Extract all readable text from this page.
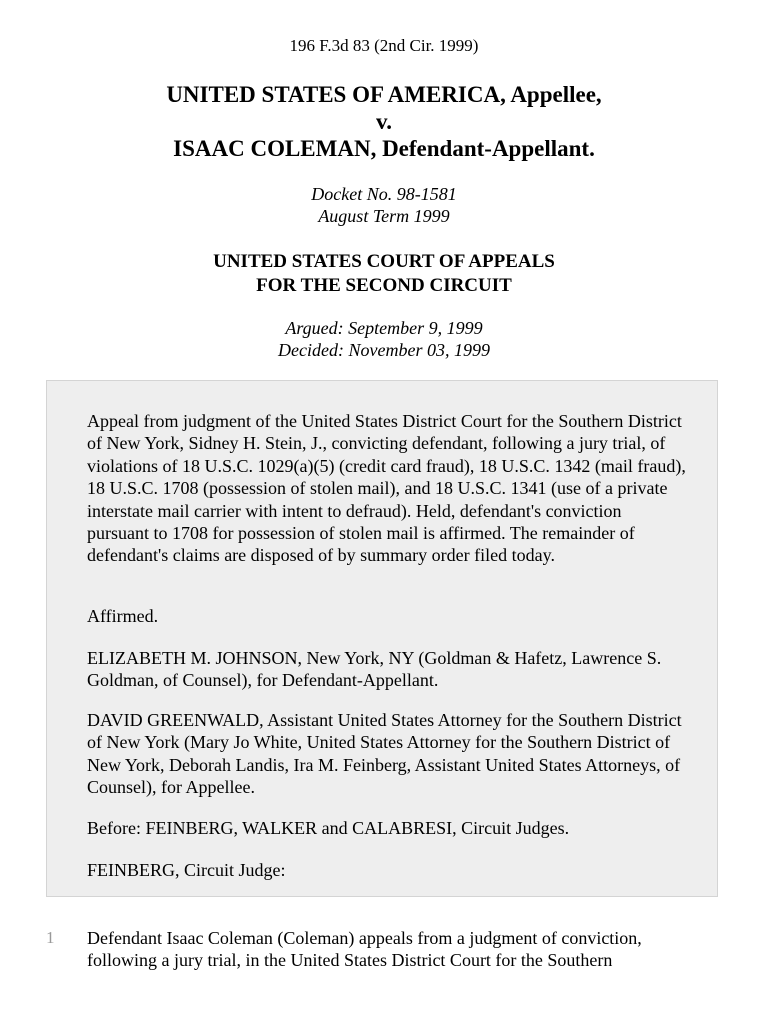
196 F.3d 83 (2nd Cir. 1999)
UNITED STATES OF AMERICA, Appellee,
v.
ISAAC COLEMAN, Defendant-Appellant.
Docket No. 98-1581
August Term 1999
UNITED STATES COURT OF APPEALS
FOR THE SECOND CIRCUIT
Argued: September 9, 1999
Decided: November 03, 1999

Appeal from judgment of the United States District Court for the Southern District of New York, Sidney H. Stein, J., convicting defendant, following a jury trial, of violations of 18 U.S.C. 1029(a)(5) (credit card fraud), 18 U.S.C. 1342 (mail fraud), 18 U.S.C. 1708 (possession of stolen mail), and 18 U.S.C. 1341 (use of a private interstate mail carrier with intent to defraud). Held, defendant's conviction pursuant to 1708 for possession of stolen mail is affirmed. The remainder of defendant's claims are disposed of by summary order filed today.

Affirmed.

ELIZABETH M. JOHNSON, New York, NY (Goldman & Hafetz, Lawrence S. Goldman, of Counsel), for Defendant-Appellant.

DAVID GREENWALD, Assistant United States Attorney for the Southern District of New York (Mary Jo White, United States Attorney for the Southern District of New York, Deborah Landis, Ira M. Feinberg, Assistant United States Attorneys, of Counsel), for Appellee.

Before: FEINBERG, WALKER and CALABRESI, Circuit Judges.

FEINBERG, Circuit Judge:

1 Defendant Isaac Coleman (Coleman) appeals from a judgment of conviction, following a jury trial, in the United States District Court for the Southern
